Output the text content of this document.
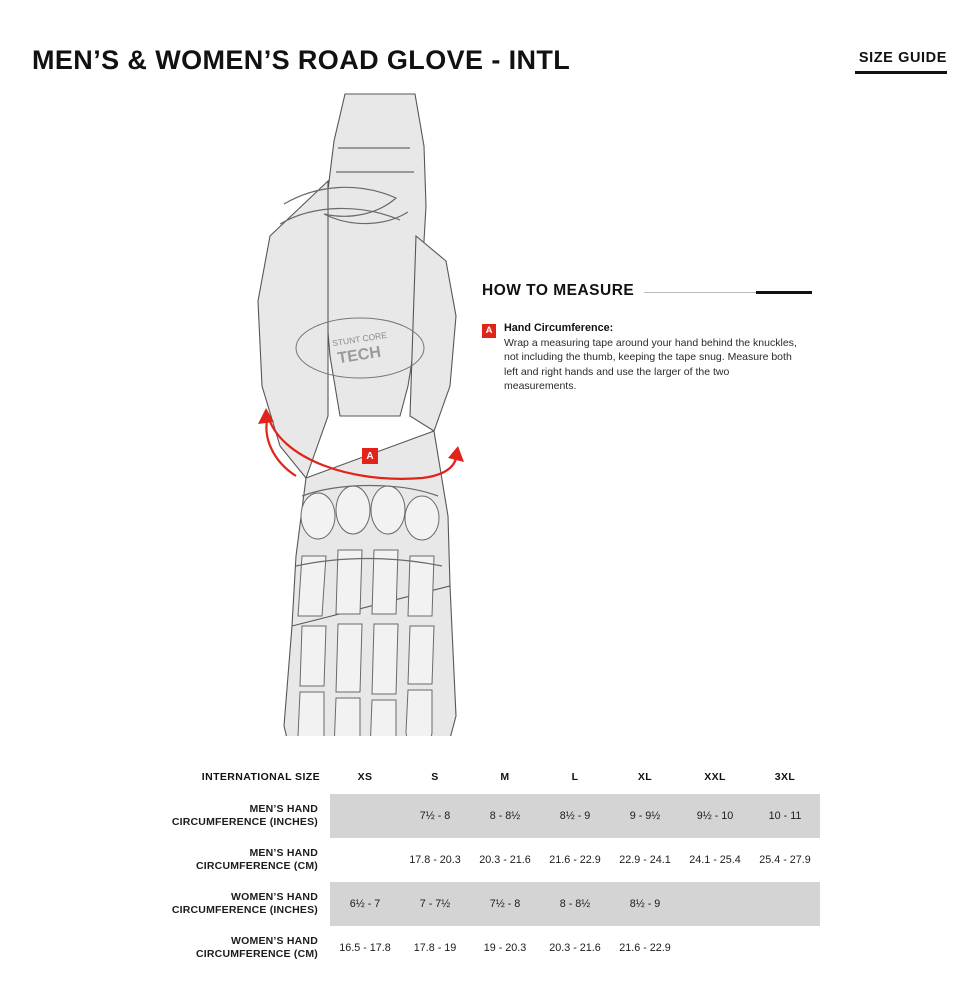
MEN’S & WOMEN’S ROAD GLOVE - INTL	SIZE GUIDE
STUNT CORE
TECH
A
HOW TO MEASURE
A	Hand Circumference:
Wrap a measuring tape around your hand behind the knuckles, not including the thumb, keeping the tape snug. Measure both left and right hands and use the larger of the two measurements.
INTERNATIONAL SIZE	XS	S	M	L	XL	XXL	3XL

MEN’S HAND
CIRCUMFERENCE (INCHES)		7½ - 8	8 - 8½	8½ - 9	9 - 9½	9½ - 10	10 - 11

MEN’S HAND
CIRCUMFERENCE (CM)		17.8 - 20.3	20.3 - 21.6	21.6 - 22.9	22.9 - 24.1	24.1 - 25.4	25.4 - 27.9

WOMEN’S HAND
CIRCUMFERENCE (INCHES)	6½ - 7	7 - 7½	7½ - 8	8 - 8½	8½ - 9		

WOMEN’S HAND
CIRCUMFERENCE (CM)	16.5 - 17.8	17.8 - 19	19 - 20.3	20.3 - 21.6	21.6 - 22.9		
